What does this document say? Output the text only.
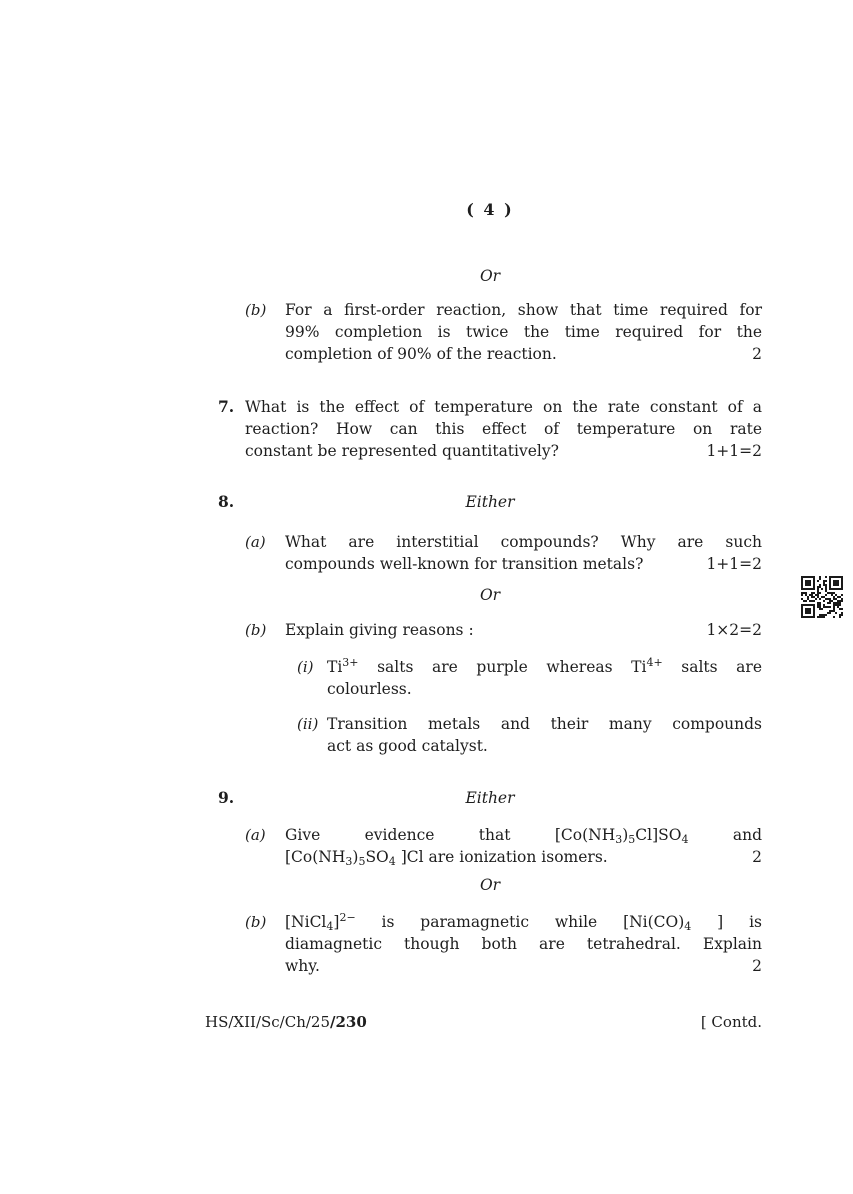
( 4 )
Or
(b) For a first-order reaction, show that time required for
99% completion is twice the time required for the
completion of 90% of the reaction.	2
7. What is the effect of temperature on the rate constant of a
reaction? How can this effect of temperature on rate
constant be represented quantitatively?	1+1=2
8.	Either
(a) What are interstitial compounds? Why are such
compounds well-known for transition metals?	1+1=2
Or
(b) Explain giving reasons :	1×2=2
(i) $Ti^{3+}$ salts are purple whereas $Ti^{4+}$ salts are
colourless.
(ii) Transition metals and their many compounds
act as good catalyst.
9.	Either
(a) Give evidence that [Co(NH3)5Cl]SO4 and
[Co(NH3)5SO4 ]Cl are ionization isomers.	2
Or
(b) [NiCl4]$^{2-}$ is paramagnetic while [Ni(CO)4 ] is
diamagnetic though both are tetrahedral. Explain
why.	2
HS/XII/Sc/Ch/25/230	[ Contd.
